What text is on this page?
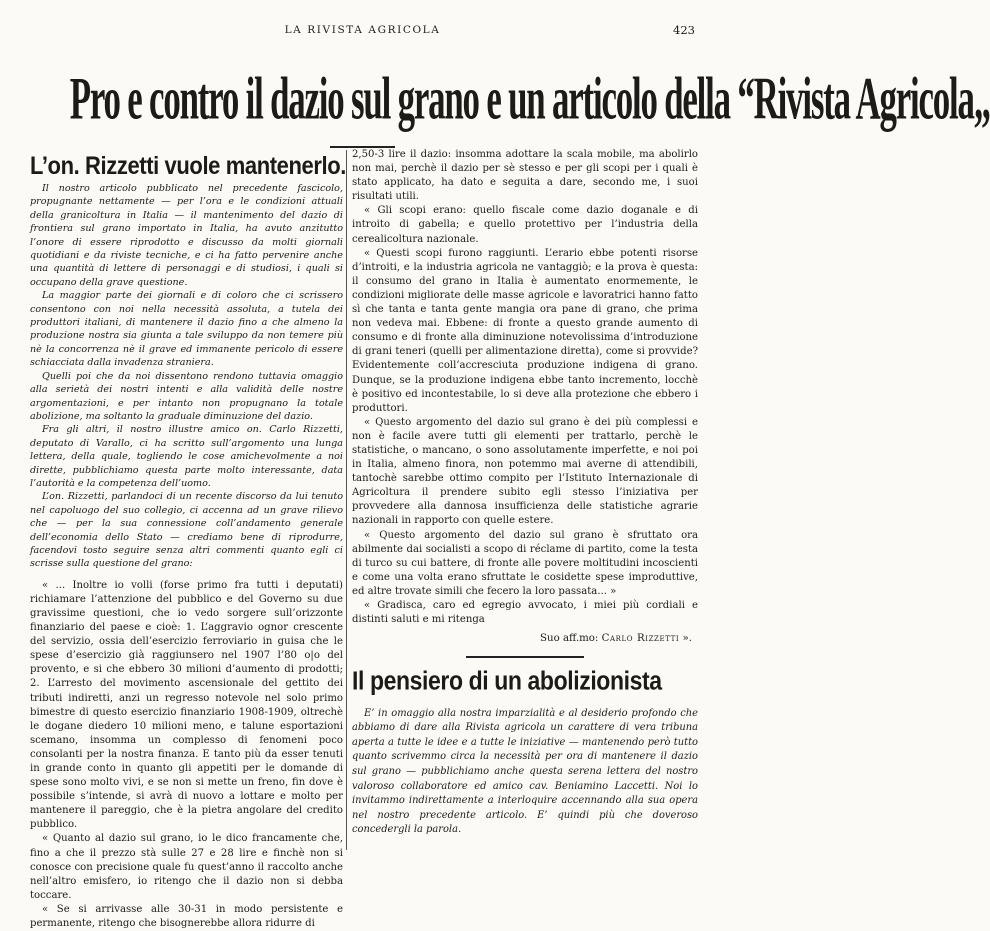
LA RIVISTA AGRICOLA	423
Pro e contro il dazio sul grano e un articolo della “Rivista Agricola„
L’on. Rizzetti vuole mantenerlo.

Il nostro articolo pubblicato nel precedente fascicolo, propugnante nettamente — per l’ora e le condizioni attuali della granicoltura in Italia — il mantenimento del dazio di frontiera sul grano importato in Italia, ha avuto anzitutto l’onore di essere riprodotto e discusso da molti giornali quotidiani e da riviste tecniche, e ci ha fatto pervenire anche una quantità di lettere di personaggi e di studiosi, i quali si occupano della grave questione.

La maggior parte dei giornali e di coloro che ci scrissero consentono con noi nella necessità assoluta, a tutela dei produttori italiani, di mantenere il dazio fino a che almeno la produzione nostra sia giunta a tale sviluppo da non temere più nè la concorrenza nè il grave ed immanente pericolo di essere schiacciata dalla invadenza straniera.

Quelli poi che da noi dissentono rendono tuttavia omaggio alla serietà dei nostri intenti e alla validità delle nostre argomentazioni, e per intanto non propugnano la totale abolizione, ma soltanto la graduale diminuzione del dazio.

Fra gli altri, il nostro illustre amico on. Carlo Rizzetti, deputato di Varallo, ci ha scritto sull’argomento una lunga lettera, della quale, togliendo le cose amichevolmente a noi dirette, pubblichiamo questa parte molto interessante, data l’autorità e la competenza dell’uomo.

L’on. Rizzetti, parlandoci di un recente discorso da lui tenuto nel capoluogo del suo collegio, ci accenna ad un grave rilievo che — per la sua connessione coll’andamento generale dell’economia dello Stato — crediamo bene di riprodurre, facendovi tosto seguire senza altri commenti quanto egli ci scrisse sulla questione del grano:

« ... Inoltre io volli (forse primo fra tutti i deputati) richiamare l’attenzione del pubblico e del Governo su due gravissime questioni, che io vedo sorgere sull’orizzonte finanziario del paese e cioè: 1. L’aggravio ognor crescente del servizio, ossia dell’esercizio ferroviario in guisa che le spese d’esercizio già raggiunsero nel 1907 l’80 o|o del provento, e si che ebbero 30 milioni d’aumento di prodotti; 2. L’arresto del movimento ascensionale del gettito dei tributi indiretti, anzi un regresso notevole nel solo primo bimestre di questo esercizio finanziario 1908-1909, oltrechè le dogane diedero 10 milioni meno, e talune esportazioni scemano, insomma un complesso di fenomeni poco consolanti per la nostra finanza. E tanto più da esser tenuti in grande conto in quanto gli appetiti per le domande di spese sono molto vivi, e se non si mette un freno, fin dove è possibile s’intende, si avrà di nuovo a lottare e molto per mantenere il pareggio, che è la pietra angolare del credito pubblico.

« Quanto al dazio sul grano, io le dico francamente che, fino a che il prezzo stà sulle 27 e 28 lire e finchè non si conosce con precisione quale fu quest’anno il raccolto anche nell’altro emisfero, io ritengo che il dazio non si debba toccare.

« Se si arrivasse alle 30-31 in modo persistente e permanente, ritengo che bisognerebbe allora ridurre di

2,50-3 lire il dazio: insomma adottare la scala mobile, ma abolirlo non mai, perchè il dazio per sè stesso e per gli scopi per i quali è stato applicato, ha dato e seguita a dare, secondo me, i suoi risultati utili.

« Gli scopi erano: quello fiscale come dazio doganale e di introito di gabella; e quello protettivo per l’industria della cerealicoltura nazionale.

« Questi scopi furono raggiunti. L’erario ebbe potenti risorse d’introiti, e la industria agricola ne vantaggiò; e la prova è questa: il consumo del grano in Italia è aumentato enormemente, le condizioni migliorate delle masse agricole e lavoratrici hanno fatto sì che tanta e tanta gente mangia ora pane di grano, che prima non vedeva mai. Ebbene: di fronte a questo grande aumento di consumo e di fronte alla diminuzione notevolissima d’introduzione di grani teneri (quelli per alimentazione diretta), come si provvide? Evidentemente coll’accresciuta produzione indigena di grano. Dunque, se la produzione indigena ebbe tanto incremento, locchè è positivo ed incontestabile, lo si deve alla protezione che ebbero i produttori.

« Questo argomento del dazio sul grano è dei più complessi e non è facile avere tutti gli elementi per trattarlo, perchè le statistiche, o mancano, o sono assolutamente imperfette, e noi poi in Italia, almeno finora, non potemmo mai averne di attendibili, tantochè sarebbe ottimo compito per l’Istituto Internazionale di Agricoltura il prendere subito egli stesso l’iniziativa per provvedere alla dannosa insufficienza delle statistiche agrarie nazionali in rapporto con quelle estere.

« Questo argomento del dazio sul grano è sfruttato ora abilmente dai socialisti a scopo di réclame di partito, come la testa di turco su cui battere, di fronte alle povere moltitudini incoscienti e come una volta erano sfruttate le cosidette spese improduttive, ed altre trovate simili che fecero la loro passata... »

« Gradisca, caro ed egregio avvocato, i miei più cordiali e distinti saluti e mi ritenga

Suo aff.mo: Carlo Rizzetti ».
Il pensiero di un abolizionista

E’ in omaggio alla nostra imparzialità e al desiderio profondo che abbiamo di dare alla Rivista agricola un carattere di vera tribuna aperta a tutte le idee e a tutte le iniziative — mantenendo però tutto quanto scrivemmo circa la necessità per ora di mantenere il dazio sul grano — pubblichiamo anche questa serena lettera del nostro valoroso collaboratore ed amico cav. Beniamino Laccetti. Noi lo invitammo indirettamente a interloquire accennando alla sua opera nel nostro precedente articolo. E’ quindi più che doveroso concedergli la parola.
